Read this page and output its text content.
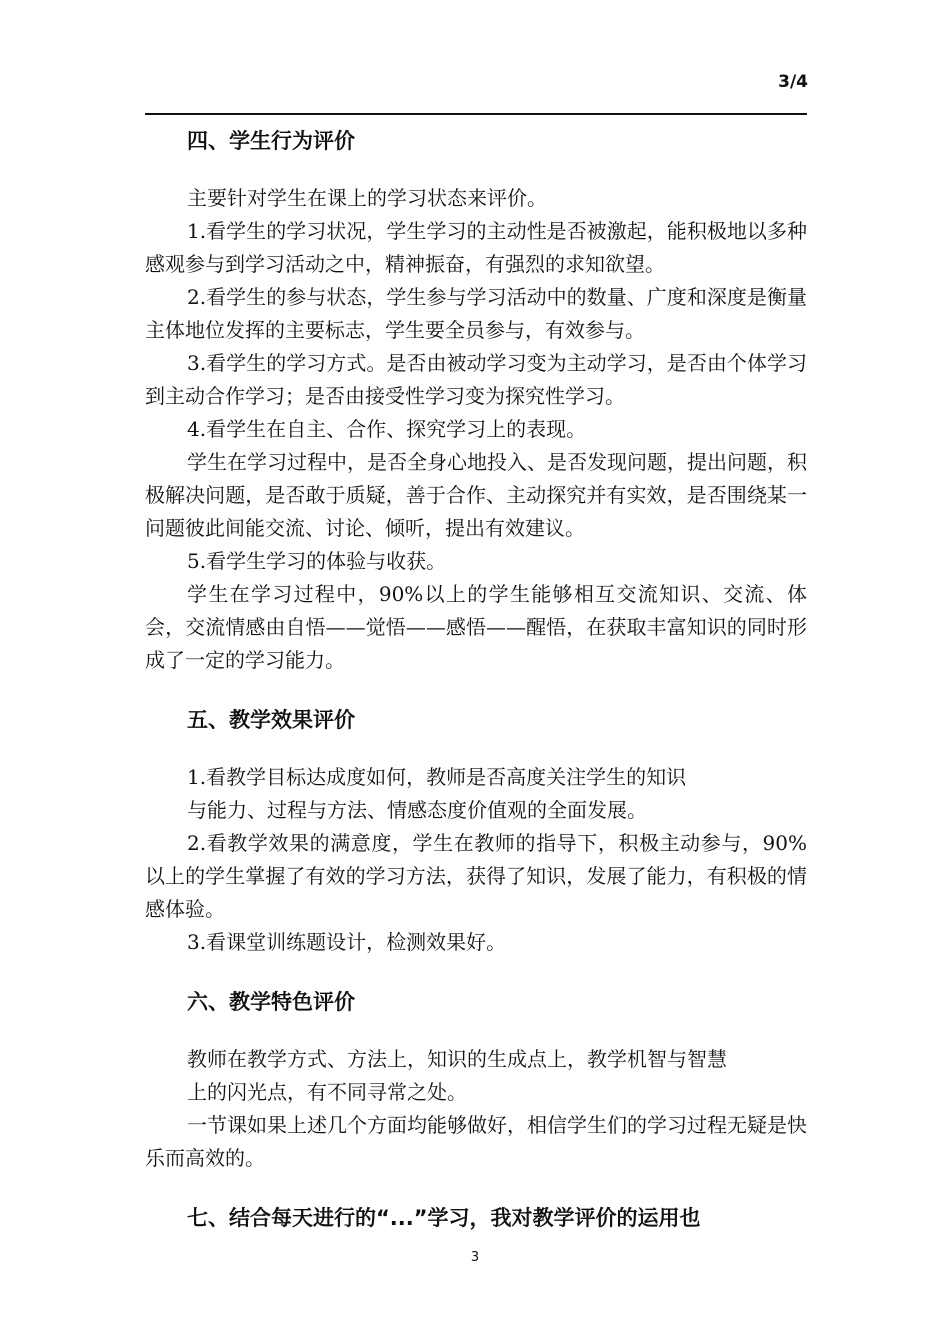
3/4
四、学生行为评价

主要针对学生在课上的学习状态来评价。

1.看学生的学习状况，学生学习的主动性是否被激起，能积极地以多种感观参与到学习活动之中，精神振奋，有强烈的求知欲望。

2.看学生的参与状态，学生参与学习活动中的数量、广度和深度是衡量主体地位发挥的主要标志，学生要全员参与，有效参与。

3.看学生的学习方式。是否由被动学习变为主动学习，是否由个体学习到主动合作学习；是否由接受性学习变为探究性学习。

4.看学生在自主、合作、探究学习上的表现。

学生在学习过程中，是否全身心地投入、是否发现问题，提出问题，积极解决问题，是否敢于质疑，善于合作、主动探究并有实效，是否围绕某一问题彼此间能交流、讨论、倾听，提出有效建议。

5.看学生学习的体验与收获。

学生在学习过程中，90%以上的学生能够相互交流知识、交流、体会，交流情感由自悟——觉悟——感悟——醒悟，在获取丰富知识的同时形成了一定的学习能力。

五、教学效果评价

1.看教学目标达成度如何，教师是否高度关注学生的知识

与能力、过程与方法、情感态度价值观的全面发展。

2.看教学效果的满意度，学生在教师的指导下，积极主动参与，90%以上的学生掌握了有效的学习方法，获得了知识，发展了能力，有积极的情感体验。

3.看课堂训练题设计，检测效果好。

六、教学特色评价

教师在教学方式、方法上，知识的生成点上，教学机智与智慧

上的闪光点，有不同寻常之处。

一节课如果上述几个方面均能够做好，相信学生们的学习过程无疑是快乐而高效的。

七、结合每天进行的“...”学习，我对教学评价的运用也
3
